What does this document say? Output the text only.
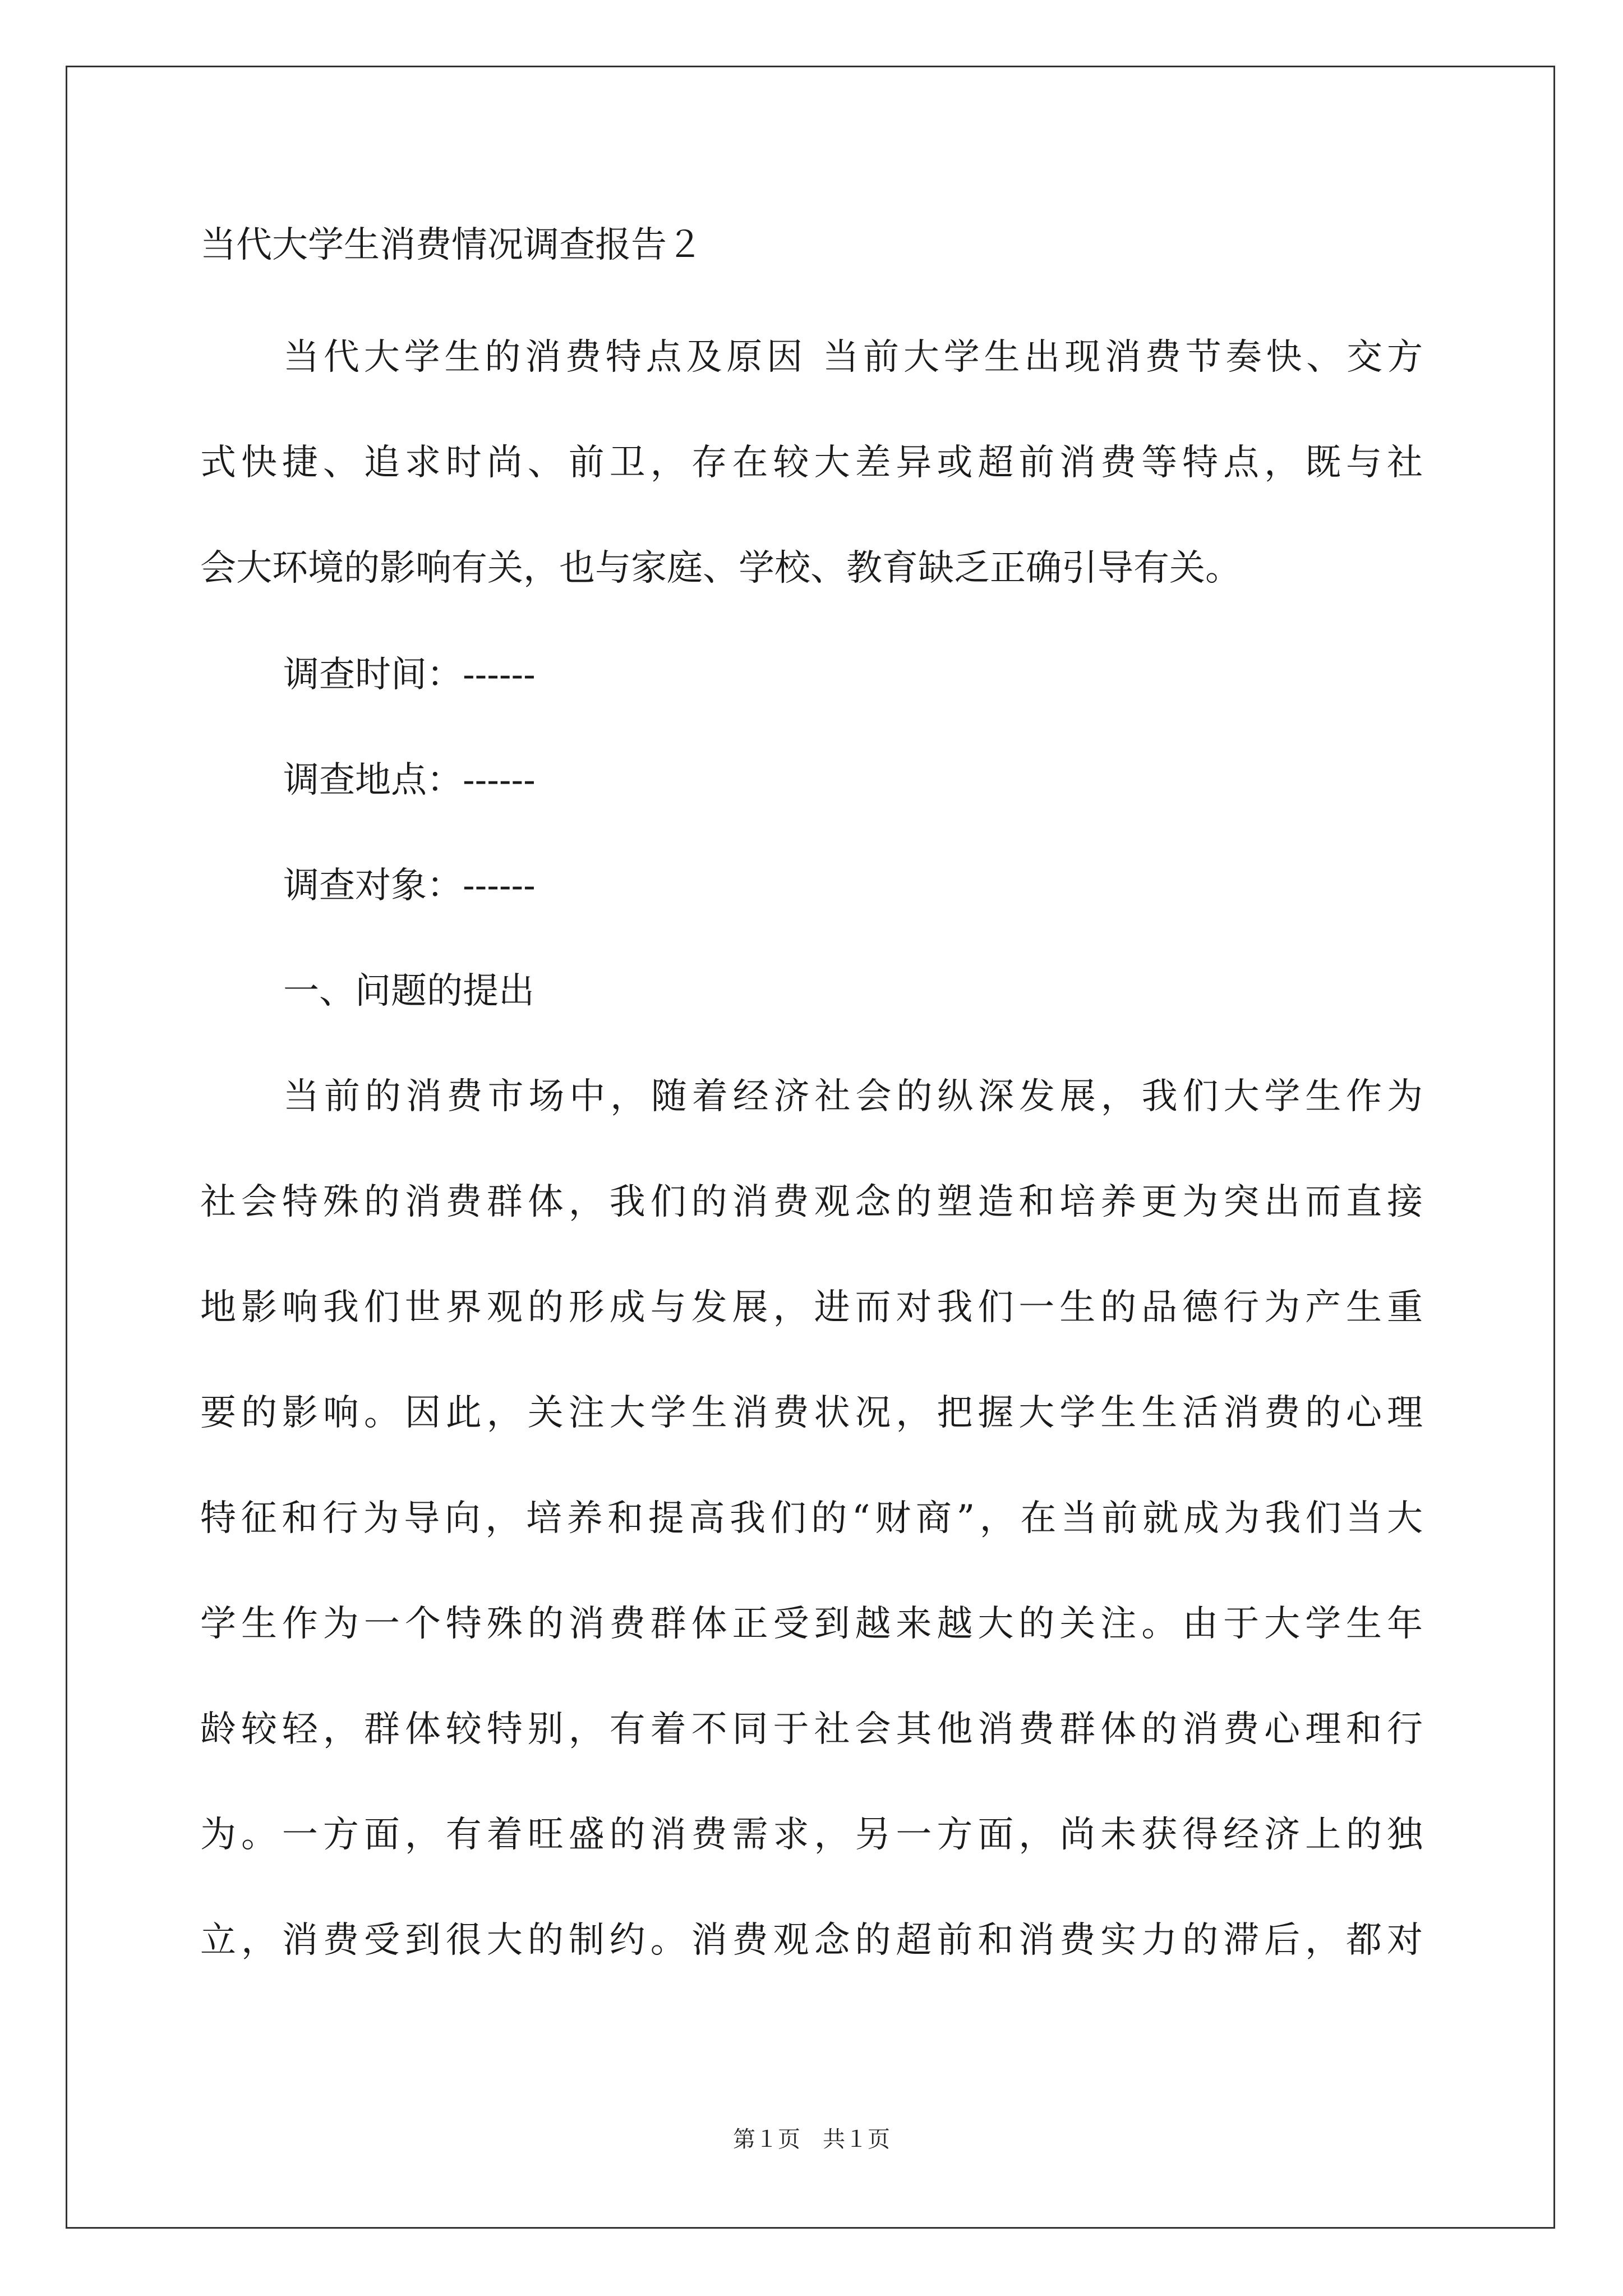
当代大学生消费情况调查报告２
当代大学生的消费特点及原因 当前大学生出现消费节奏快、交方
式快捷、追求时尚、前卫，存在较大差异或超前消费等特点，既与社
会大环境的影响有关，也与家庭、学校、教育缺乏正确引导有关。
调查时间：------
调查地点：------
调查对象：------
一、问题的提出
当前的消费市场中，随着经济社会的纵深发展，我们大学生作为
社会特殊的消费群体，我们的消费观念的塑造和培养更为突出而直接
地影响我们世界观的形成与发展，进而对我们一生的品德行为产生重
要的影响。因此，关注大学生消费状况，把握大学生生活消费的心理
特征和行为导向，培养和提高我们的“财商”，在当前就成为我们当大
学生作为一个特殊的消费群体正受到越来越大的关注。由于大学生年
龄较轻，群体较特别，有着不同于社会其他消费群体的消费心理和行
为。一方面，有着旺盛的消费需求，另一方面，尚未获得经济上的独
立，消费受到很大的制约。消费观念的超前和消费实力的滞后，都对
第１页　共１页
